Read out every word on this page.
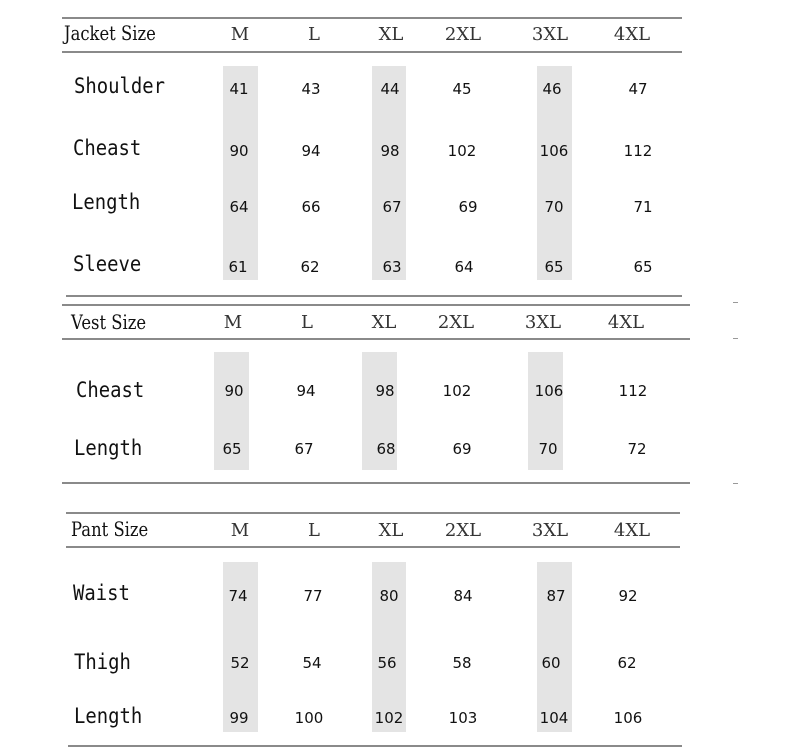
Jacket Size	M	L	XL	2XL	3XL	4XL
Shoulder	41	43	44	45	46	47
Cheast	90	94	98	102	106	112
Length	64	66	67	69	70	71
Sleeve	61	62	63	64	65	65
Vest Size	M	L	XL	2XL	3XL	4XL
Cheast	90	94	98	102	106	112
Length	65	67	68	69	70	72
Pant Size	M	L	XL	2XL	3XL	4XL
Waist	74	77	80	84	87	92
Thigh	52	54	56	58	60	62
Length	99	100	102	103	104	106
